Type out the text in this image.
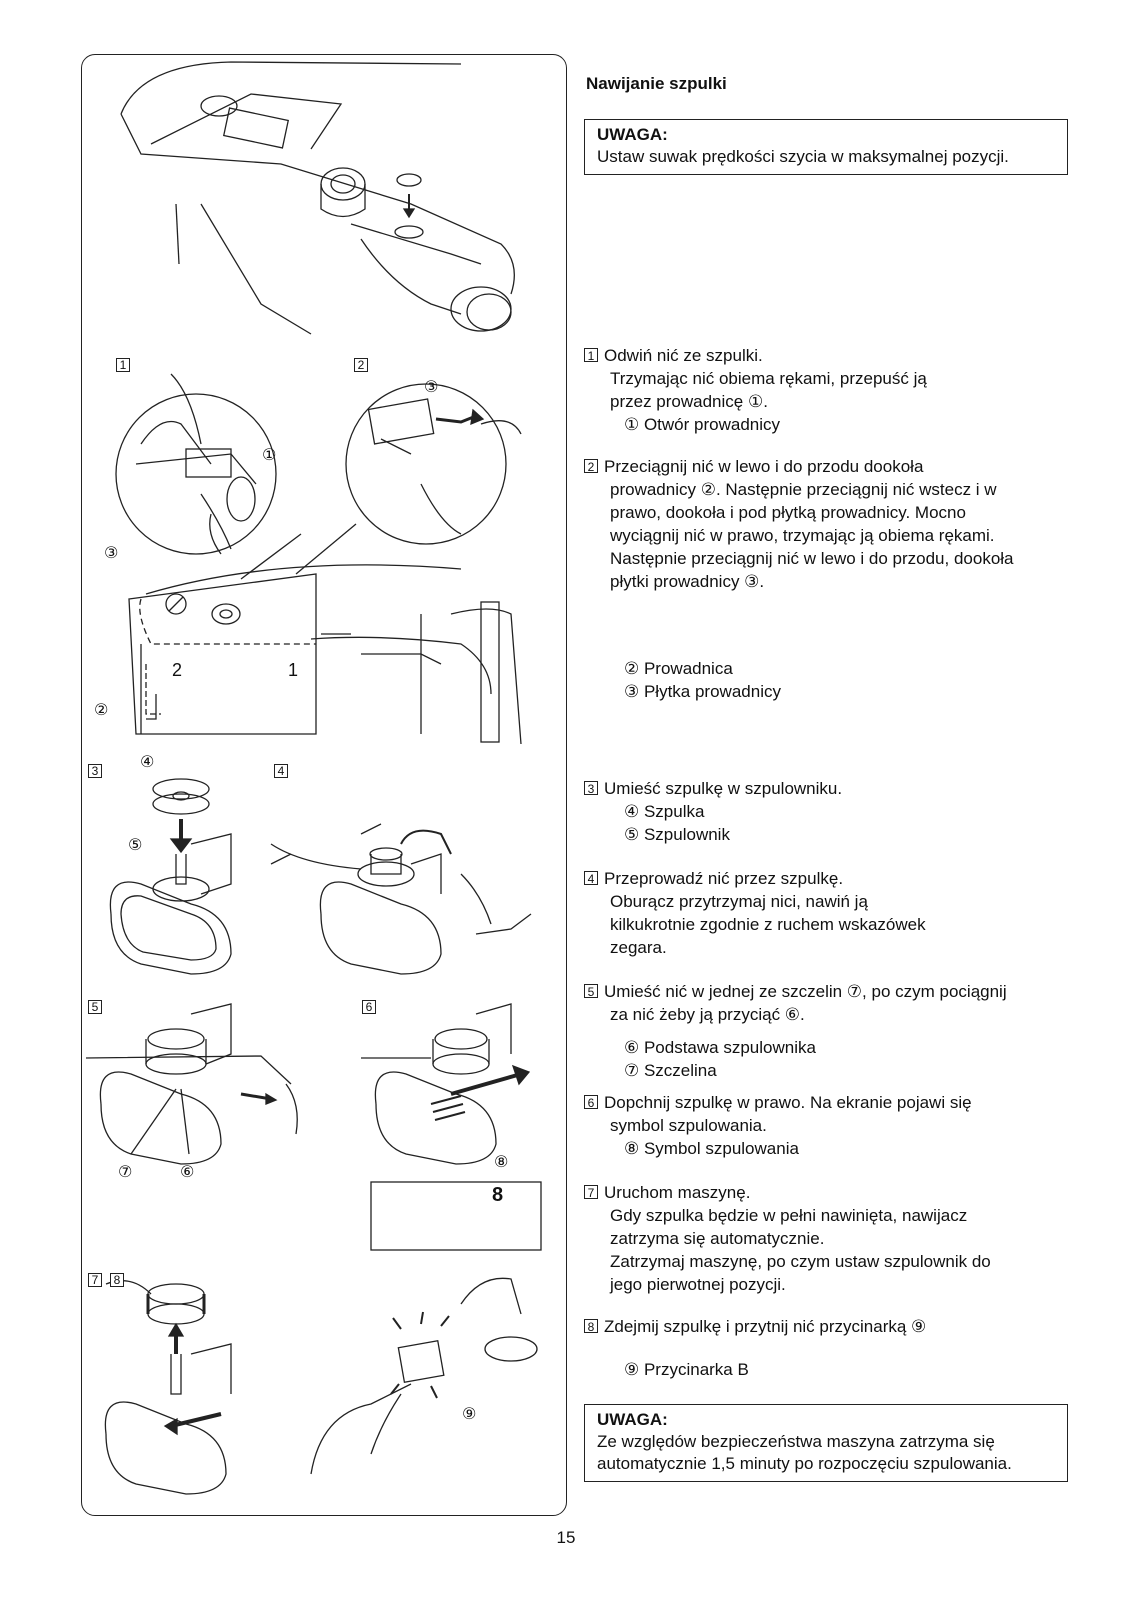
1	2
3	4
5	6
7	8
①
③
③
②
2	1
④
⑤
⑦	⑥
⑧
8
⑨
Nawijanie szpulki
UWAGA:
Ustaw suwak prędkości szycia w maksymalnej pozycji.
1 Odwiń nić ze szpulki.
Trzymając nić obiema rękami, przepuść ją
przez prowadnicę ①.
① Otwór prowadnicy
2 Przeciągnij nić w lewo i do przodu dookoła
prowadnicy ②. Następnie przeciągnij nić wstecz i w
prawo, dookoła i pod płytką prowadnicy. Mocno
wyciągnij nić w prawo, trzymając ją obiema rękami.
Następnie przeciągnij nić w lewo i do przodu, dookoła
płytki prowadnicy ③.
② Prowadnica
③ Płytka prowadnicy
3 Umieść szpulkę w szpulowniku.
④ Szpulka
⑤ Szpulownik
4 Przeprowadź nić przez szpulkę.
Oburącz przytrzymaj nici, nawiń ją
kilkukrotnie zgodnie z ruchem wskazówek
zegara.
5 Umieść nić w jednej ze szczelin ⑦, po czym pociągnij
za nić żeby ją przyciąć ⑥.
⑥ Podstawa szpulownika
⑦ Szczelina
6 Dopchnij szpulkę w prawo. Na ekranie pojawi się
symbol szpulowania.
⑧ Symbol szpulowania
7 Uruchom maszynę.
Gdy szpulka będzie w pełni nawinięta, nawijacz
zatrzyma się automatycznie.
Zatrzymaj maszynę, po czym ustaw szpulownik do
jego pierwotnej pozycji.
8 Zdejmij szpulkę i przytnij nić przycinarką ⑨
⑨ Przycinarka B
UWAGA:
Ze względów bezpieczeństwa maszyna zatrzyma się
automatycznie 1,5 minuty po rozpoczęciu szpulowania.
15
